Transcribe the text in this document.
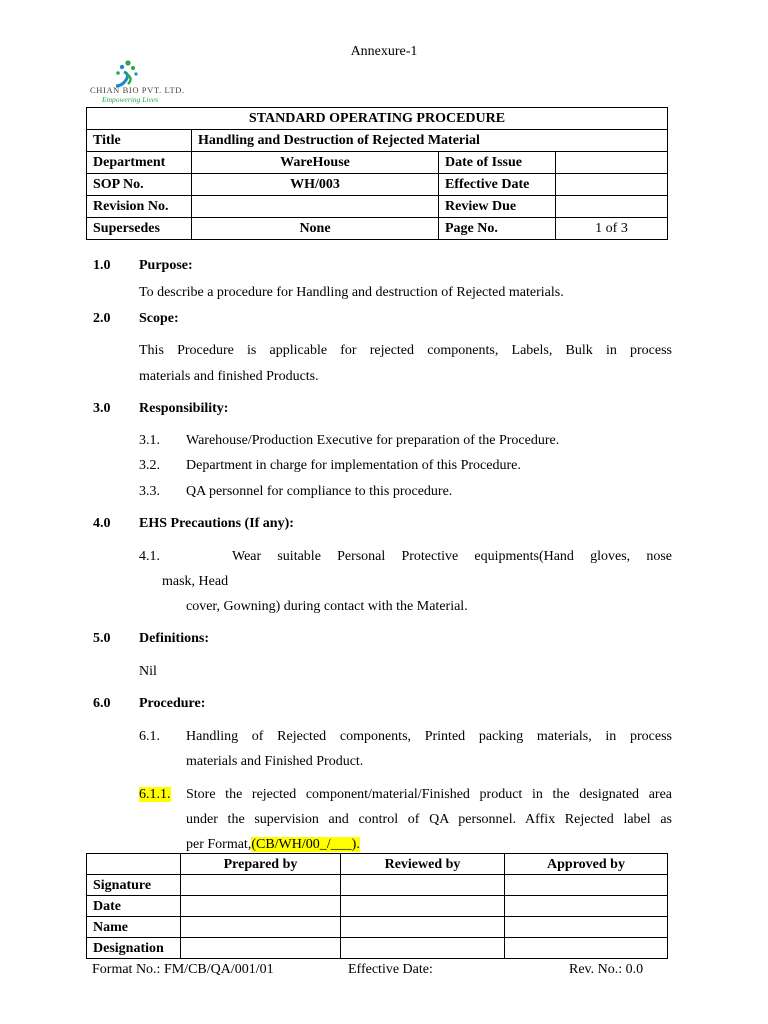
Annexure-1
CHIAN BIO PVT. LTD.
Empowering Lives
STANDARD OPERATING PROCEDURE			
Title	Handling and Destruction of Rejected Material		
Department	WareHouse	Date of Issue	
SOP No.	WH/003	Effective Date	
Revision No.		Review Due	
Supersedes	None	Page No.	1 of 3
1.0 Purpose:
To describe a procedure for Handling and destruction of Rejected materials.
2.0 Scope:
This Procedure is applicable for rejected components, Labels, Bulk in process
materials and finished Products.
3.0 Responsibility:
3.1. Warehouse/Production Executive for preparation of the Procedure.
3.2. Department in charge for implementation of this Procedure.
3.3. QA personnel for compliance to this procedure.
4.0 EHS Precautions (If any):
4.1.	Wear suitable Personal Protective equipments(Hand gloves, nose
mask, Head
cover, Gowning) during contact with the Material.
5.0 Definitions:
Nil
6.0 Procedure:
6.1. Handling of Rejected components, Printed packing materials, in process
materials and Finished Product.
6.1.1. Store the rejected component/material/Finished product in the designated area
under the supervision and control of QA personnel. Affix Rejected label as
per Format,(CB/WH/00_/___).
	Prepared by	Reviewed by	Approved by
Signature			
Date			
Name			
Designation			
Format No.: FM/CB/QA/001/01	Effective Date:	Rev. No.: 0.0
